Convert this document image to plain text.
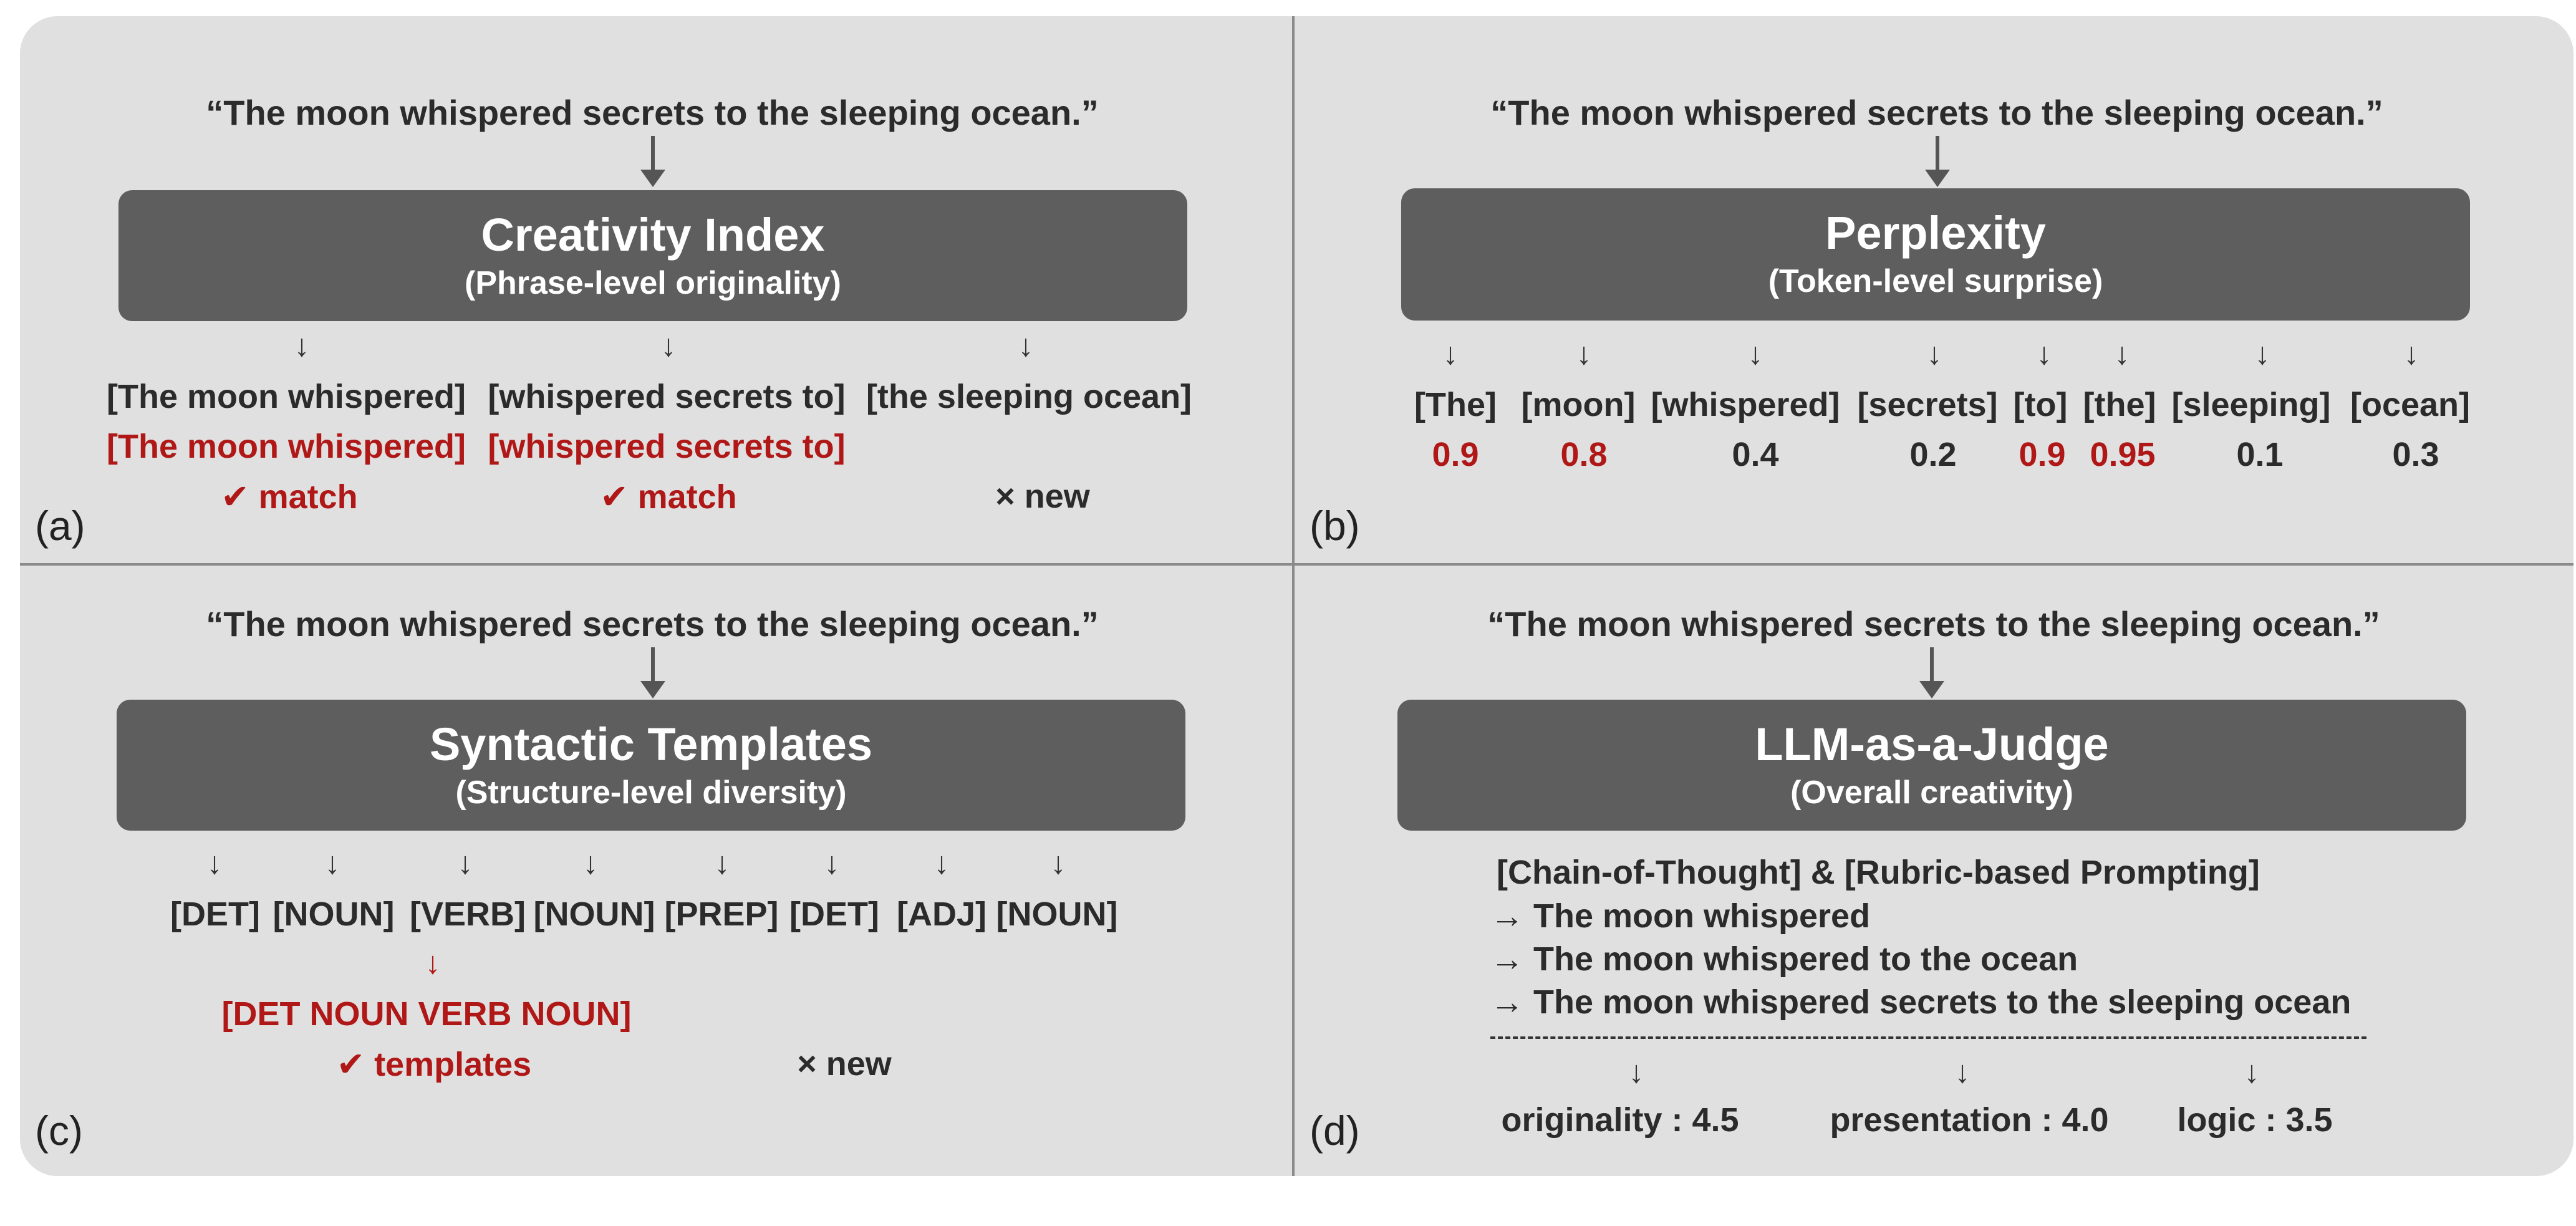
“The moon whispered secrets to the sleeping ocean.”
Creativity Index
(Phrase-level originality)
↓	↓	↓
[The moon whispered] [whispered secrets to] [the sleeping ocean]
[The moon whispered] [whispered secrets to]
✔ match	✔ match	× new
(a)
“The moon whispered secrets to the sleeping ocean.”
Perplexity
(Token-level surprise)
↓	↓	↓	↓	↓ ↓	↓	↓
[The] [moon] [whispered] [secrets] [to] [the] [sleeping] [ocean]
0.9 0.8	0.4	0.2 0.9 0.95 0.1	0.3
(b)
“The moon whispered secrets to the sleeping ocean.”
Syntactic Templates
(Structure-level diversity)
↓	↓	↓	↓	↓	↓	↓	↓
[DET] [NOUN] [VERB] [NOUN] [PREP] [DET] [ADJ] [NOUN]
↓
[DET NOUN VERB NOUN]
✔ templates	× new
(c)
“The moon whispered secrets to the sleeping ocean.”
LLM-as-a-Judge
(Overall creativity)
[Chain-of-Thought] & [Rubric-based Prompting]
→ The moon whispered
→ The moon whispered to the ocean
→ The moon whispered secrets to the sleeping ocean
↓	↓	↓
originality : 4.5	presentation : 4.0 logic : 3.5
(d)
